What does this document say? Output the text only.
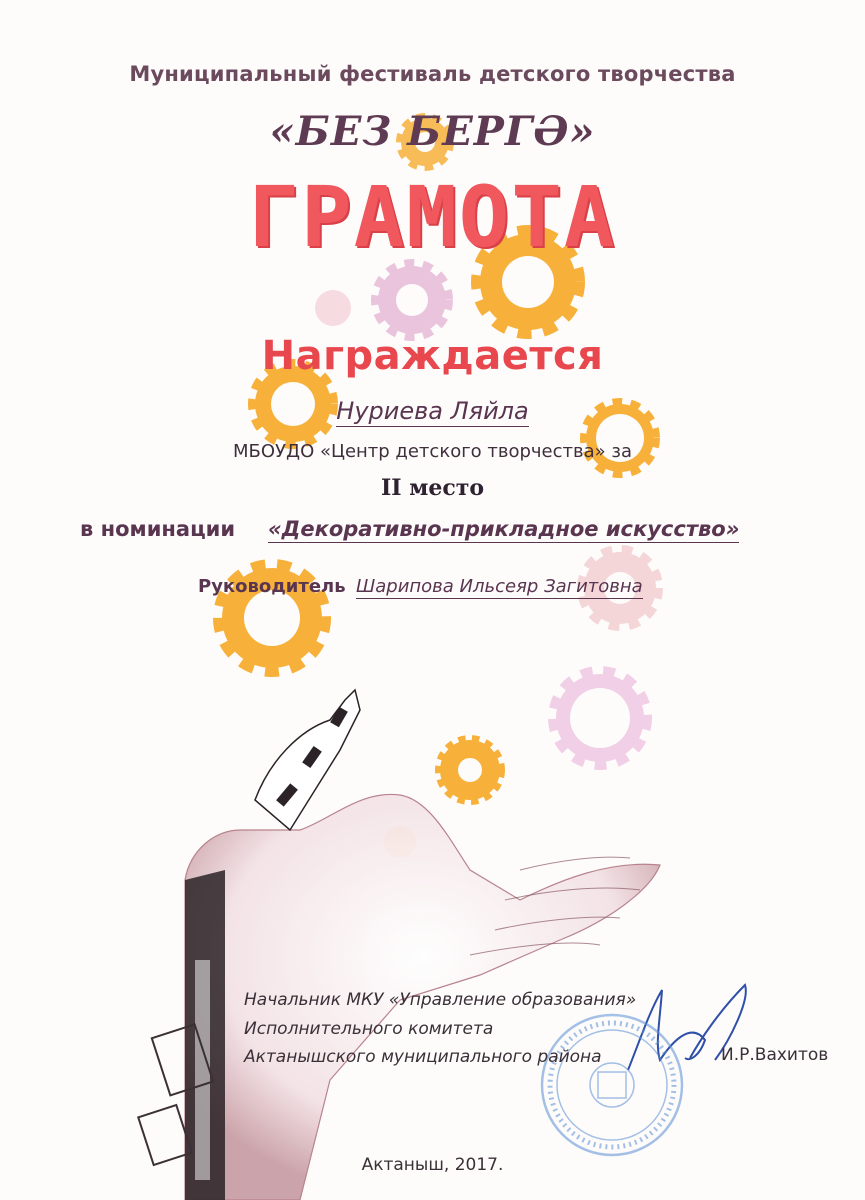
Муниципальный фестиваль детского творчества
«БЕЗ БЕРГӘ»
ГРАМОТА
Награждается
Нуриева Ляйла
МБОУДО «Центр детского творчества» за
II место
в номинации «Декоративно-прикладное искусство»
Руководитель Шарипова Ильсеяр Загитовна
Начальник МКУ «Управление образования»
Исполнительного комитета
Актанышского муниципального района	И.Р.Вахитов
Актаныш, 2017.
